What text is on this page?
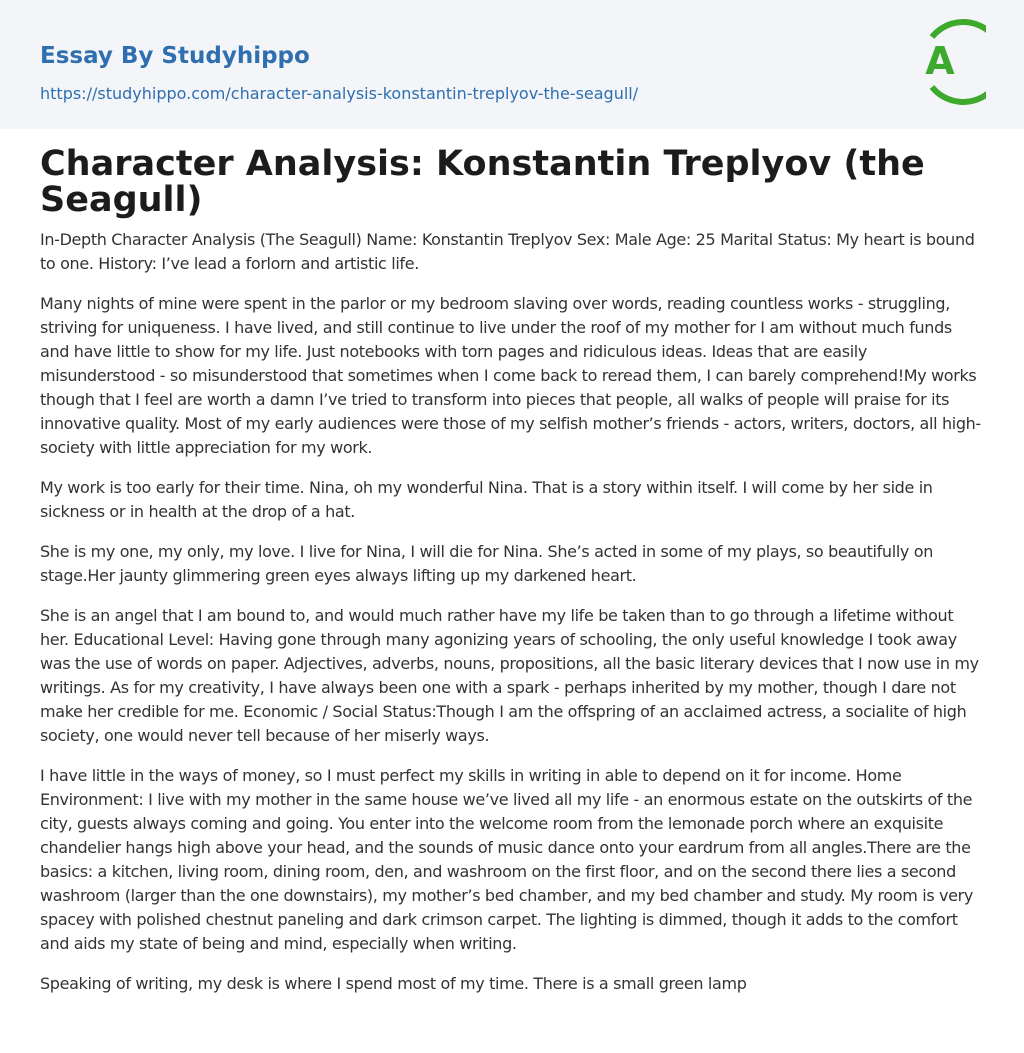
Essay By Studyhippo
https://studyhippo.com/character-analysis-konstantin-treplyov-the-seagull/
A
Character Analysis: Konstantin Treplyov (the Seagull)

In-Depth Character Analysis (The Seagull) Name: Konstantin Treplyov Sex: Male Age: 25 Marital Status: My heart is bound to one. History: I’ve lead a forlorn and artistic life.

Many nights of mine were spent in the parlor or my bedroom slaving over words, reading countless works - struggling, striving for uniqueness. I have lived, and still continue to live under the roof of my mother for I am without much funds and have little to show for my life. Just notebooks with torn pages and ridiculous ideas. Ideas that are easily misunderstood - so misunderstood that sometimes when I come back to reread them, I can barely comprehend!My works though that I feel are worth a damn I’ve tried to transform into pieces that people, all walks of people will praise for its innovative quality. Most of my early audiences were those of my selfish mother’s friends - actors, writers, doctors, all high-society with little appreciation for my work.

My work is too early for their time. Nina, oh my wonderful Nina. That is a story within itself. I will come by her side in sickness or in health at the drop of a hat.

She is my one, my only, my love. I live for Nina, I will die for Nina. She’s acted in some of my plays, so beautifully on stage.Her jaunty glimmering green eyes always lifting up my darkened heart.

She is an angel that I am bound to, and would much rather have my life be taken than to go through a lifetime without her. Educational Level: Having gone through many agonizing years of schooling, the only useful knowledge I took away was the use of words on paper. Adjectives, adverbs, nouns, propositions, all the basic literary devices that I now use in my writings. As for my creativity, I have always been one with a spark - perhaps inherited by my mother, though I dare not make her credible for me. Economic / Social Status:Though I am the offspring of an acclaimed actress, a socialite of high society, one would never tell because of her miserly ways.

I have little in the ways of money, so I must perfect my skills in writing in able to depend on it for income. Home Environment: I live with my mother in the same house we’ve lived all my life - an enormous estate on the outskirts of the city, guests always coming and going. You enter into the welcome room from the lemonade porch where an exquisite chandelier hangs high above your head, and the sounds of music dance onto your eardrum from all angles.There are the basics: a kitchen, living room, dining room, den, and washroom on the first floor, and on the second there lies a second washroom (larger than the one downstairs), my mother’s bed chamber, and my bed chamber and study. My room is very spacey with polished chestnut paneling and dark crimson carpet. The lighting is dimmed, though it adds to the comfort and aids my state of being and mind, especially when writing.

Speaking of writing, my desk is where I spend most of my time. There is a small green lamp
